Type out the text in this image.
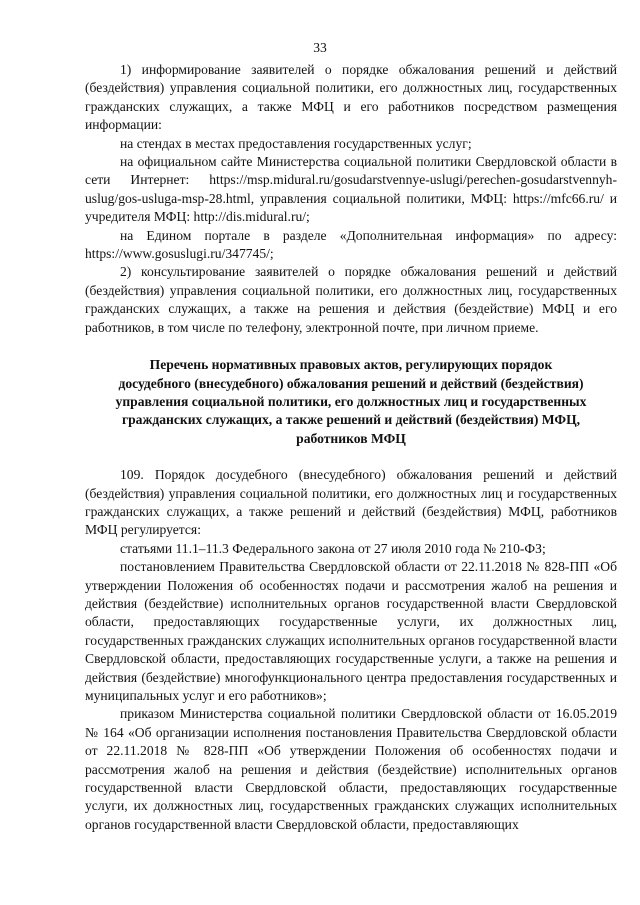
33

1) информирование заявителей о порядке обжалования решений и действий (бездействия) управления социальной политики, его должностных лиц, государственных гражданских служащих, а также МФЦ и его работников посредством размещения информации:

на стендах в местах предоставления государственных услуг;

на официальном сайте Министерства социальной политики Свердловской области в сети Интернет: https://msp.midural.ru/gosudarstvennye-uslugi/perechen-gosudarstvennyh-uslug/gos-usluga-msp-28.html, управления социальной политики, МФЦ: https://mfc66.ru/ и учредителя МФЦ: http://dis.midural.ru/;

на Едином портале в разделе «Дополнительная информация» по адресу: https://www.gosuslugi.ru/347745/;

2) консультирование заявителей о порядке обжалования решений и действий (бездействия) управления социальной политики, его должностных лиц, государственных гражданских служащих, а также на решения и действия (бездействие) МФЦ и его работников, в том числе по телефону, электронной почте, при личном приеме.

Перечень нормативных правовых актов, регулирующих порядок
досудебного (внесудебного) обжалования решений и действий (бездействия)
управления социальной политики, его должностных лиц и государственных
гражданских служащих, а также решений и действий (бездействия) МФЦ,
работников МФЦ

109. Порядок досудебного (внесудебного) обжалования решений и действий (бездействия) управления социальной политики, его должностных лиц и государственных гражданских служащих, а также решений и действий (бездействия) МФЦ, работников МФЦ регулируется:

статьями 11.1–11.3 Федерального закона от 27 июля 2010 года № 210-ФЗ;

постановлением Правительства Свердловской области от 22.11.2018 № 828-ПП «Об утверждении Положения об особенностях подачи и рассмотрения жалоб на решения и действия (бездействие) исполнительных органов государственной власти Свердловской области, предоставляющих государственные услуги, их должностных лиц, государственных гражданских служащих исполнительных органов государственной власти Свердловской области, предоставляющих государственные услуги, а также на решения и действия (бездействие) многофункционального центра предоставления государственных и муниципальных услуг и его работников»;

приказом Министерства социальной политики Свердловской области от 16.05.2019 № 164 «Об организации исполнения постановления Правительства Свердловской области от 22.11.2018 № 828-ПП «Об утверждении Положения об особенностях подачи и рассмотрения жалоб на решения и действия (бездействие) исполнительных органов государственной власти Свердловской области, предоставляющих государственные услуги, их должностных лиц, государственных гражданских служащих исполнительных органов государственной власти Свердловской области, предоставляющих
